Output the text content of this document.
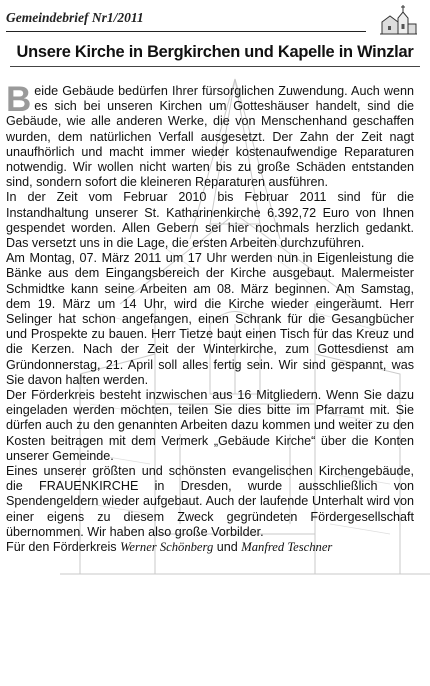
Gemeindebrief Nr1/2011
Unsere Kirche in Bergkirchen und Kapelle in Winzlar

Beide Gebäude bedürfen Ihrer fürsorglichen Zuwendung. Auch wenn es sich bei unseren Kirchen um Gotteshäuser handelt, sind die Gebäude, wie alle anderen Werke, die von Menschenhand geschaffen wurden, dem natürlichen Verfall ausgesetzt. Der Zahn der Zeit nagt unaufhörlich und macht immer wieder kostenaufwendige Reparaturen notwendig. Wir wollen nicht warten bis zu große Schäden entstanden sind, sondern sofort die kleineren Reparaturen ausführen.

In der Zeit vom Februar 2010 bis Februar 2011 sind für die Instandhaltung unserer St. Katharinenkirche 6.392,72 Euro von Ihnen gespendet worden. Allen Gebern sei hier nochmals herzlich gedankt. Das versetzt uns in die Lage, die ersten Arbeiten durchzuführen.

Am Montag, 07. März 2011 um 17 Uhr werden nun in Eigenleistung die Bänke aus dem Eingangsbereich der Kirche ausgebaut. Malermeister Schmidtke kann seine Arbeiten am 08. März beginnen. Am Samstag, dem 19. März um 14 Uhr, wird die Kirche wieder eingeräumt. Herr Selinger hat schon angefangen, einen Schrank für die Gesangbücher und Prospekte zu bauen. Herr Tietze baut einen Tisch für das Kreuz und die Kerzen. Nach der Zeit der Winterkirche, zum Gottesdienst am Gründonnerstag, 21. April soll alles fertig sein. Wir sind gespannt, was Sie davon halten werden.

Der Förderkreis besteht inzwischen aus 16 Mitgliedern. Wenn Sie dazu eingeladen werden möchten, teilen Sie dies bitte im Pfarramt mit. Sie dürfen auch zu den genannten Arbeiten dazu kommen und weiter zu den Kosten beitragen mit dem Vermerk „Gebäude Kirche“ über die Konten unserer Gemeinde.

Eines unserer größten und schönsten evangelischen Kirchengebäude, die FRAUENKIRCHE in Dresden, wurde ausschließlich von Spendengeldern wieder aufgebaut. Auch der laufende Unterhalt wird von einer eigens zu diesem Zweck gegründeten Fördergesellschaft übernommen. Wir haben also große Vorbilder.

Für den Förderkreis Werner Schönberg und Manfred Teschner
